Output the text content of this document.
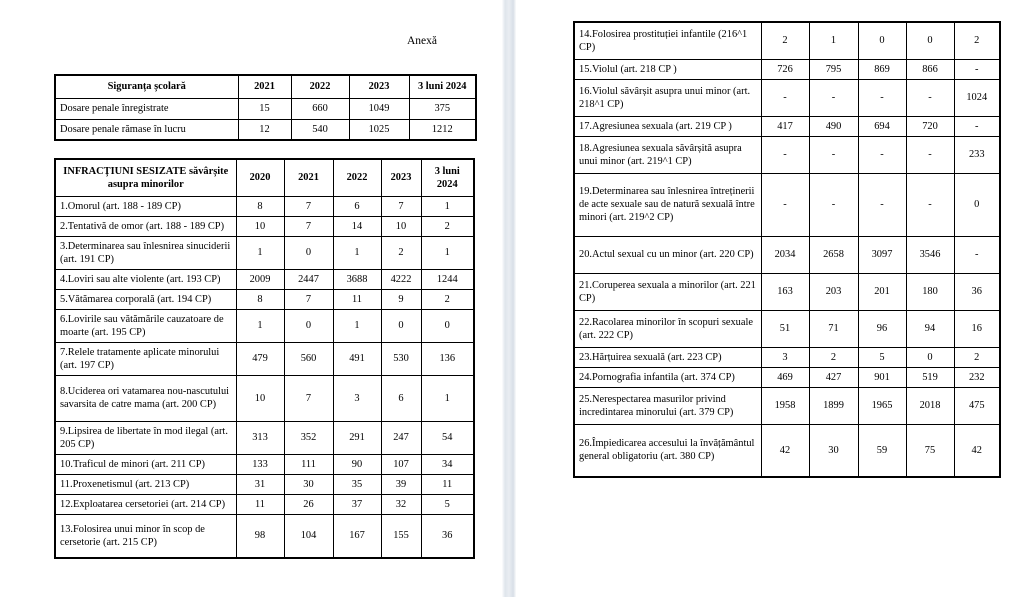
Anexă
Siguranța școlară	2021	2022	2023	3 luni 2024
Dosare penale înregistrate	15	660	1049	375
Dosare penale rămase în lucru	12	540	1025	1212
INFRACȚIUNI SESIZATE săvârșite asupra minorilor	2020	2021	2022	2023	3 luni 2024
1.Omorul (art. 188 - 189 CP)	8	7	6	7	1
2.Tentativă de omor (art. 188 - 189 CP)	10	7	14	10	2
3.Determinarea sau înlesnirea sinuciderii (art. 191 CP)	1	0	1	2	1
4.Loviri sau alte violente (art. 193 CP)	2009	2447	3688	4222	1244
5.Vătămarea corporală (art. 194 CP)	8	7	11	9	2
6.Lovirile sau vătămările cauzatoare de moarte (art. 195 CP)	1	0	1	0	0
7.Relele tratamente aplicate minorului (art. 197 CP)	479	560	491	530	136
8.Uciderea ori vatamarea nou-nascutului savarsita de catre mama (art. 200 CP)	10	7	3	6	1
9.Lipsirea de libertate în mod ilegal (art. 205 CP)	313	352	291	247	54
10.Traficul de minori (art. 211 CP)	133	111	90	107	34
11.Proxenetismul (art. 213 CP)	31	30	35	39	11
12.Exploatarea cersetoriei (art. 214 CP)	11	26	37	32	5
13.Folosirea unui minor în scop de cersetorie (art. 215 CP)	98	104	167	155	36
14.Folosirea prostituției infantile (216^1 CP)	2	1	0	0	2
15.Violul (art. 218 CP )	726	795	869	866	-
16.Violul săvârșit asupra unui minor (art. 218^1 CP)	-	-	-	-	1024
17.Agresiunea sexuala (art. 219 CP )	417	490	694	720	-
18.Agresiunea sexuala săvârșită asupra unui minor (art. 219^1 CP)	-	-	-	-	233
19.Determinarea sau înlesnirea întreținerii de acte sexuale sau de natură sexuală între minori (art. 219^2 CP)	-	-	-	-	0
20.Actul sexual cu un minor (art. 220 CP)	2034	2658	3097	3546	-
21.Coruperea sexuala a minorilor (art. 221 CP)	163	203	201	180	36
22.Racolarea minorilor în scopuri sexuale (art. 222 CP)	51	71	96	94	16
23.Hărțuirea sexuală (art. 223 CP)	3	2	5	0	2
24.Pornografia infantila (art. 374 CP)	469	427	901	519	232
25.Nerespectarea masurilor privind incredintarea minorului (art. 379 CP)	1958	1899	1965	2018	475
26.Împiedicarea accesului la învățământul general obligatoriu (art. 380 CP)	42	30	59	75	42
